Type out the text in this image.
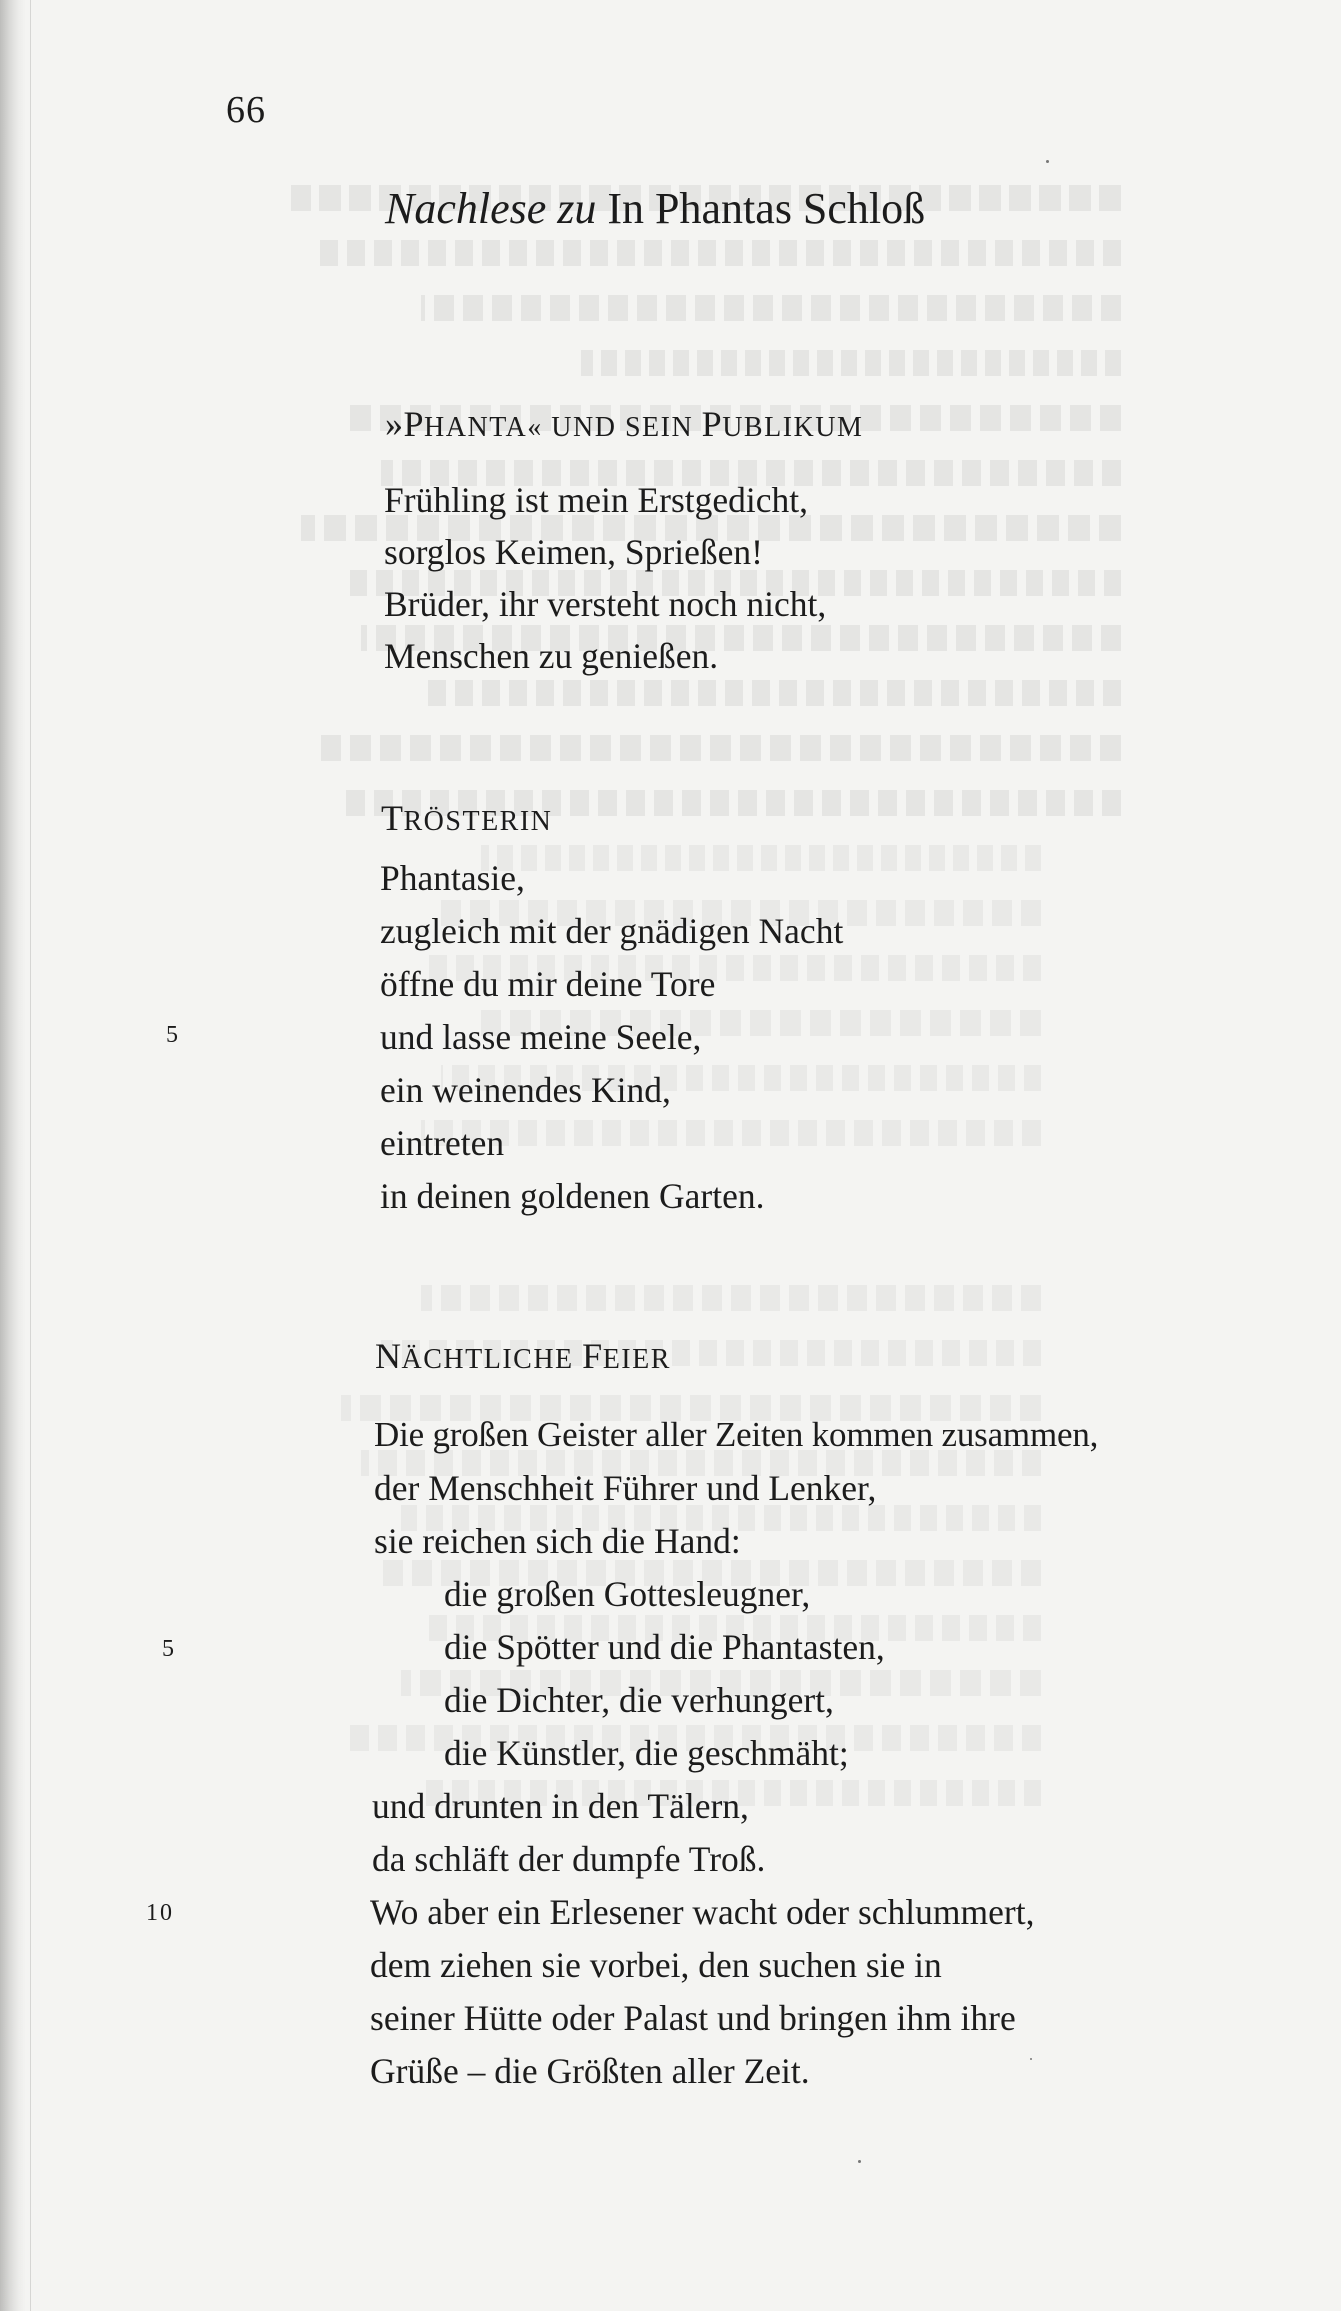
66
Nachlese zu In Phantas Schloß
»PHANTA« UND SEIN PUBLIKUM
Frühling ist mein Erstgedicht,
sorglos Keimen, Sprießen!
Brüder, ihr versteht noch nicht,
Menschen zu genießen.
TRÖSTERIN
Phantasie,
zugleich mit der gnädigen Nacht
öffne du mir deine Tore
und lasse meine Seele,
ein weinendes Kind,
eintreten
in deinen goldenen Garten.
5
NÄCHTLICHE FEIER
Die großen Geister aller Zeiten kommen zusammen,
der Menschheit Führer und Lenker,
sie reichen sich die Hand:
die großen Gottesleugner,
die Spötter und die Phantasten,
die Dichter, die verhungert,
die Künstler, die geschmäht;
und drunten in den Tälern,
da schläft der dumpfe Troß.
Wo aber ein Erlesener wacht oder schlummert,
dem ziehen sie vorbei, den suchen sie in
seiner Hütte oder Palast und bringen ihm ihre
Grüße – die Größten aller Zeit.
5
10
